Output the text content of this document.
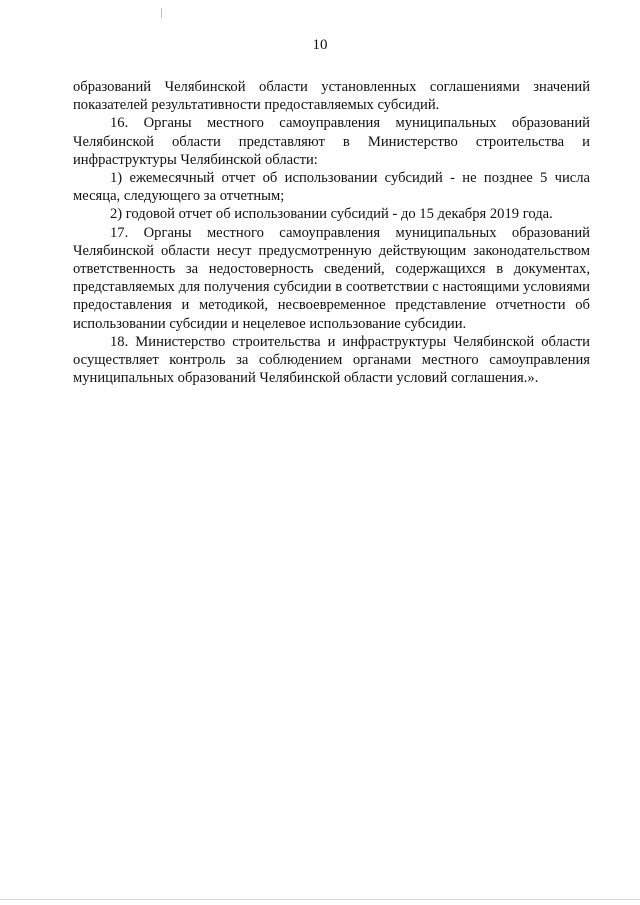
10

образований Челябинской области установленных соглашениями значений показателей результативности предоставляемых субсидий.

16. Органы местного самоуправления муниципальных образований Челябинской области представляют в Министерство строительства и инфраструктуры Челябинской области:

1) ежемесячный отчет об использовании субсидий - не позднее 5 числа месяца, следующего за отчетным;

2) годовой отчет об использовании субсидий - до 15 декабря 2019 года.

17. Органы местного самоуправления муниципальных образований Челябинской области несут предусмотренную действующим законодательством ответственность за недостоверность сведений, содержащихся в документах, представляемых для получения субсидии в соответствии с настоящими условиями предоставления и методикой, несвоевременное представление отчетности об использовании субсидии и нецелевое использование субсидии.

18. Министерство строительства и инфраструктуры Челябинской области осуществляет контроль за соблюдением органами местного самоуправления муниципальных образований Челябинской области условий соглашения.».
